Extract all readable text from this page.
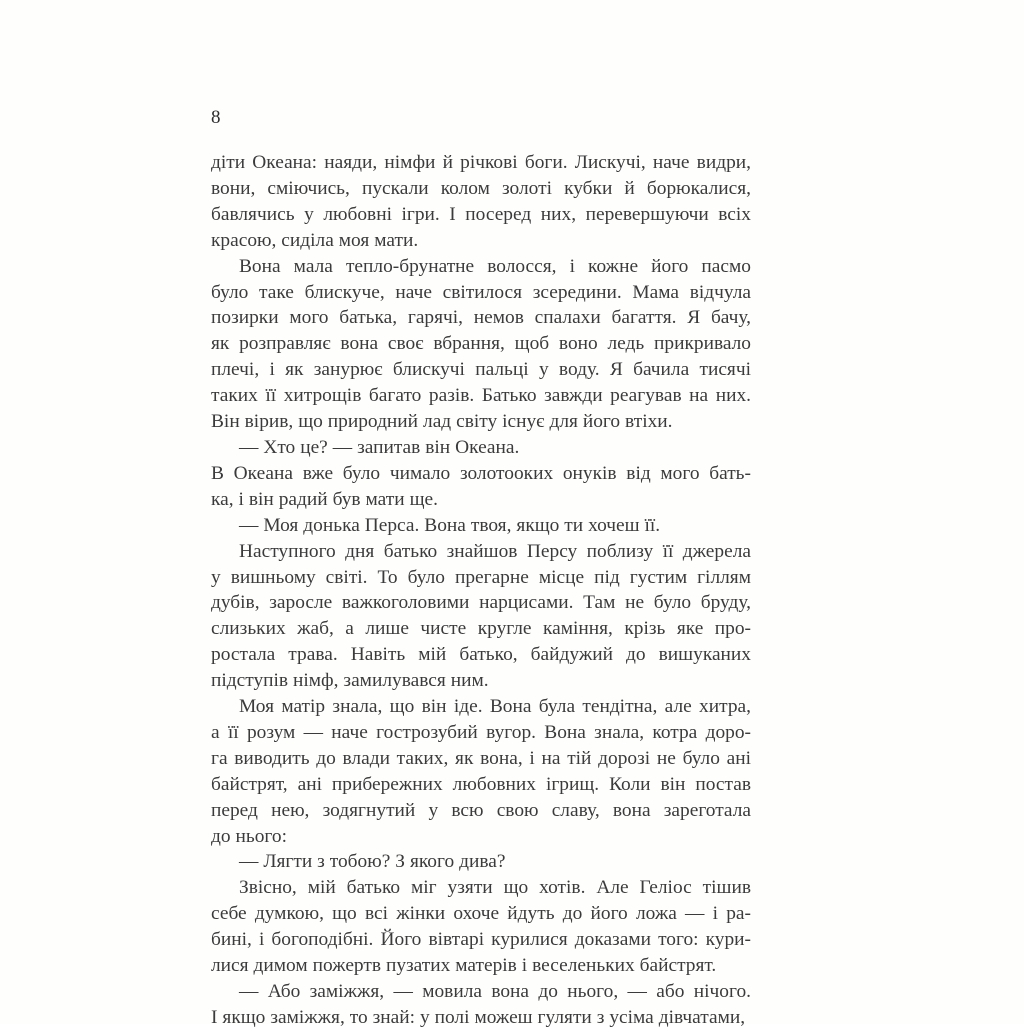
8

діти Океана: наяди, німфи й річкові боги. Лискучі, наче видри,
вони, сміючись, пускали колом золоті кубки й борюкалися,
бавлячись у любовні ігри. І посеред них, перевершуючи всіх
красою, сиділа моя мати.

Вона мала тепло-брунатне волосся, і кожне його пасмо
було таке блискуче, наче світилося зсередини. Мама відчула
позирки мого батька, гарячі, немов спалахи багаття. Я бачу,
як розправляє вона своє вбрання, щоб воно ледь прикривало
плечі, і як занурює блискучі пальці у воду. Я бачила тисячі
таких її хитрощів багато разів. Батько завжди реагував на них.
Він вірив, що природний лад світу існує для його втіхи.

— Хто це? — запитав він Океана.

В Океана вже було чимало золотооких онуків від мого бать-
ка, і він радий був мати ще.

— Моя донька Перса. Вона твоя, якщо ти хочеш її.

Наступного дня батько знайшов Персу поблизу її джерела
у вишньому світі. То було прегарне місце під густим гіллям
дубів, заросле важкоголовими нарцисами. Там не було бруду,
слизьких жаб, а лише чисте кругле каміння, крізь яке про-
ростала трава. Навіть мій батько, байдужий до вишуканих
підступів німф, замилувався ним.

Моя матір знала, що він іде. Вона була тендітна, але хитра,
а її розум — наче гострозубий вугор. Вона знала, котра доро-
га виводить до влади таких, як вона, і на тій дорозі не було ані
байстрят, ані прибережних любовних ігрищ. Коли він постав
перед нею, зодягнутий у всю свою славу, вона зареготала
до нього:

— Лягти з тобою? З якого дива?

Звісно, мій батько міг узяти що хотів. Але Геліос тішив
себе думкою, що всі жінки охоче йдуть до його ложа — і ра-
бині, і богоподібні. Його вівтарі курилися доказами того: кури-
лися димом пожертв пузатих матерів і веселеньких байстрят.

— Або заміжжя, — мовила вона до нього, — або нічого.
І якщо заміжжя, то знай: у полі можеш гуляти з усіма дівчатами,
